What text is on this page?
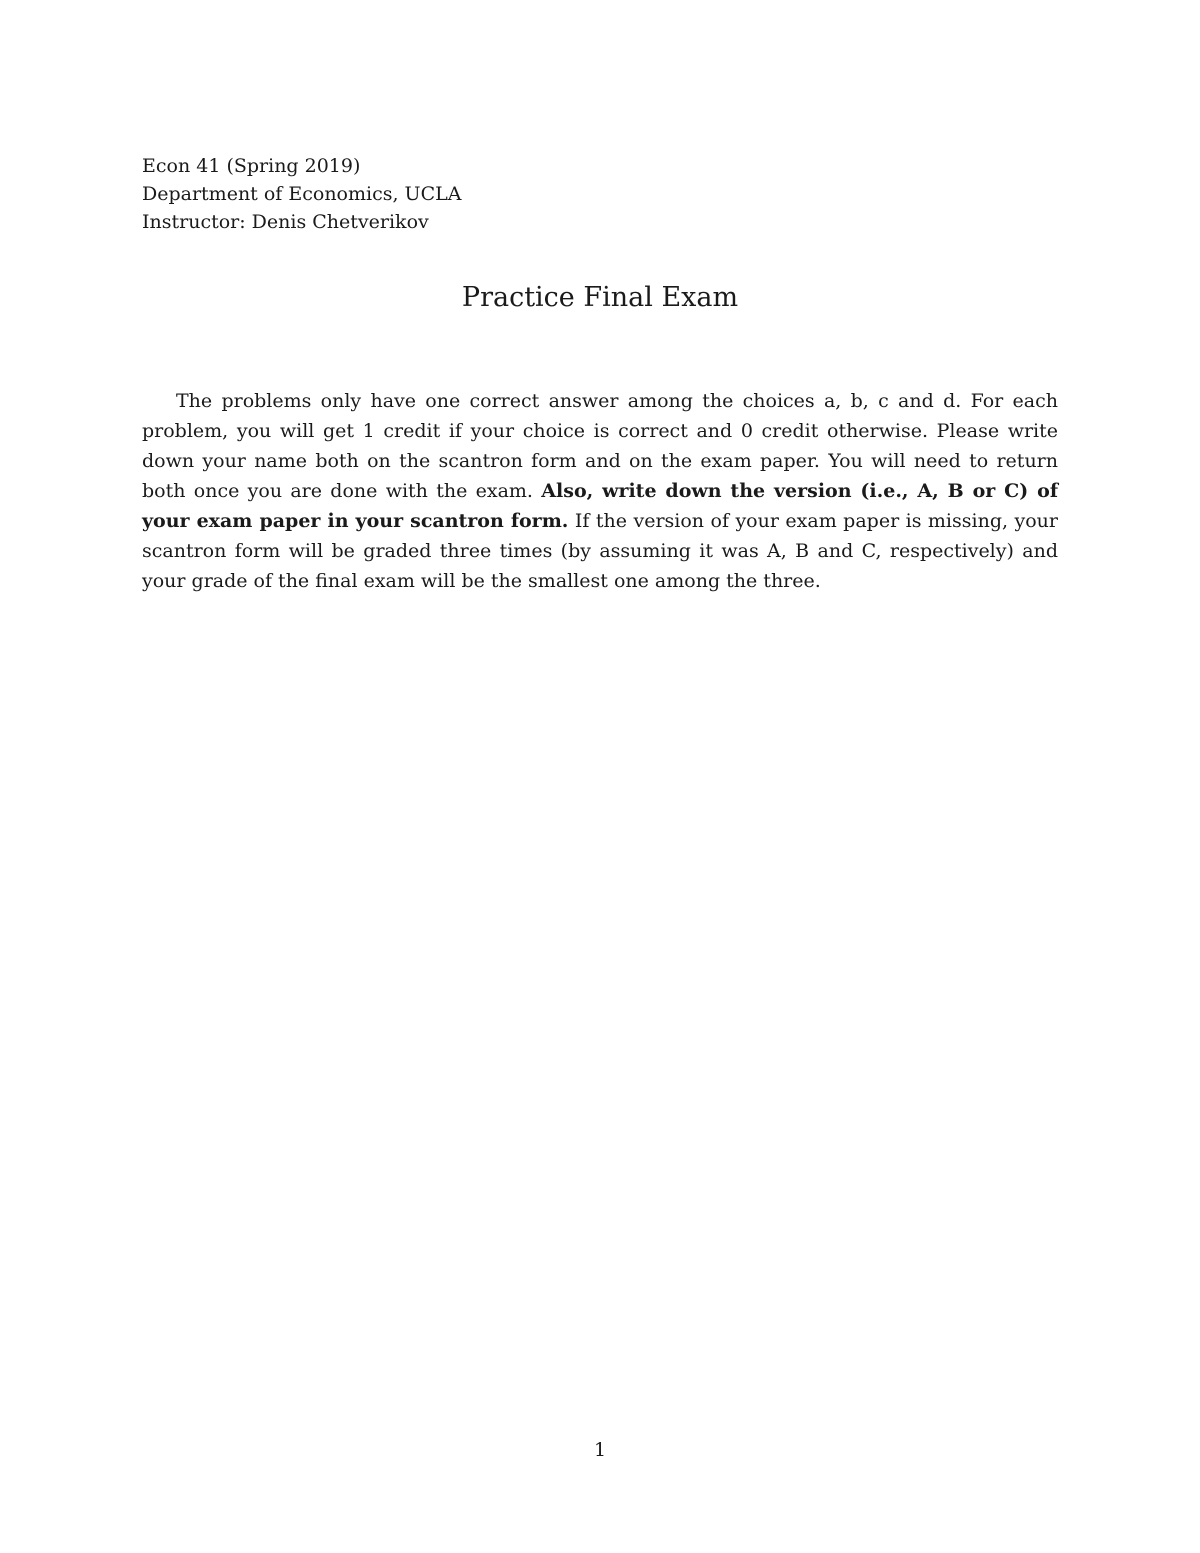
Econ 41 (Spring 2019)
Department of Economics, UCLA
Instructor: Denis Chetverikov
Practice Final Exam

The problems only have one correct answer among the choices a, b, c and d. For each problem, you will get 1 credit if your choice is correct and 0 credit otherwise. Please write down your name both on the scantron form and on the exam paper. You will need to return both once you are done with the exam. Also, write down the version (i.e., A, B or C) of your exam paper in your scantron form. If the version of your exam paper is missing, your scantron form will be graded three times (by assuming it was A, B and C, respectively) and your grade of the final exam will be the smallest one among the three.

1
